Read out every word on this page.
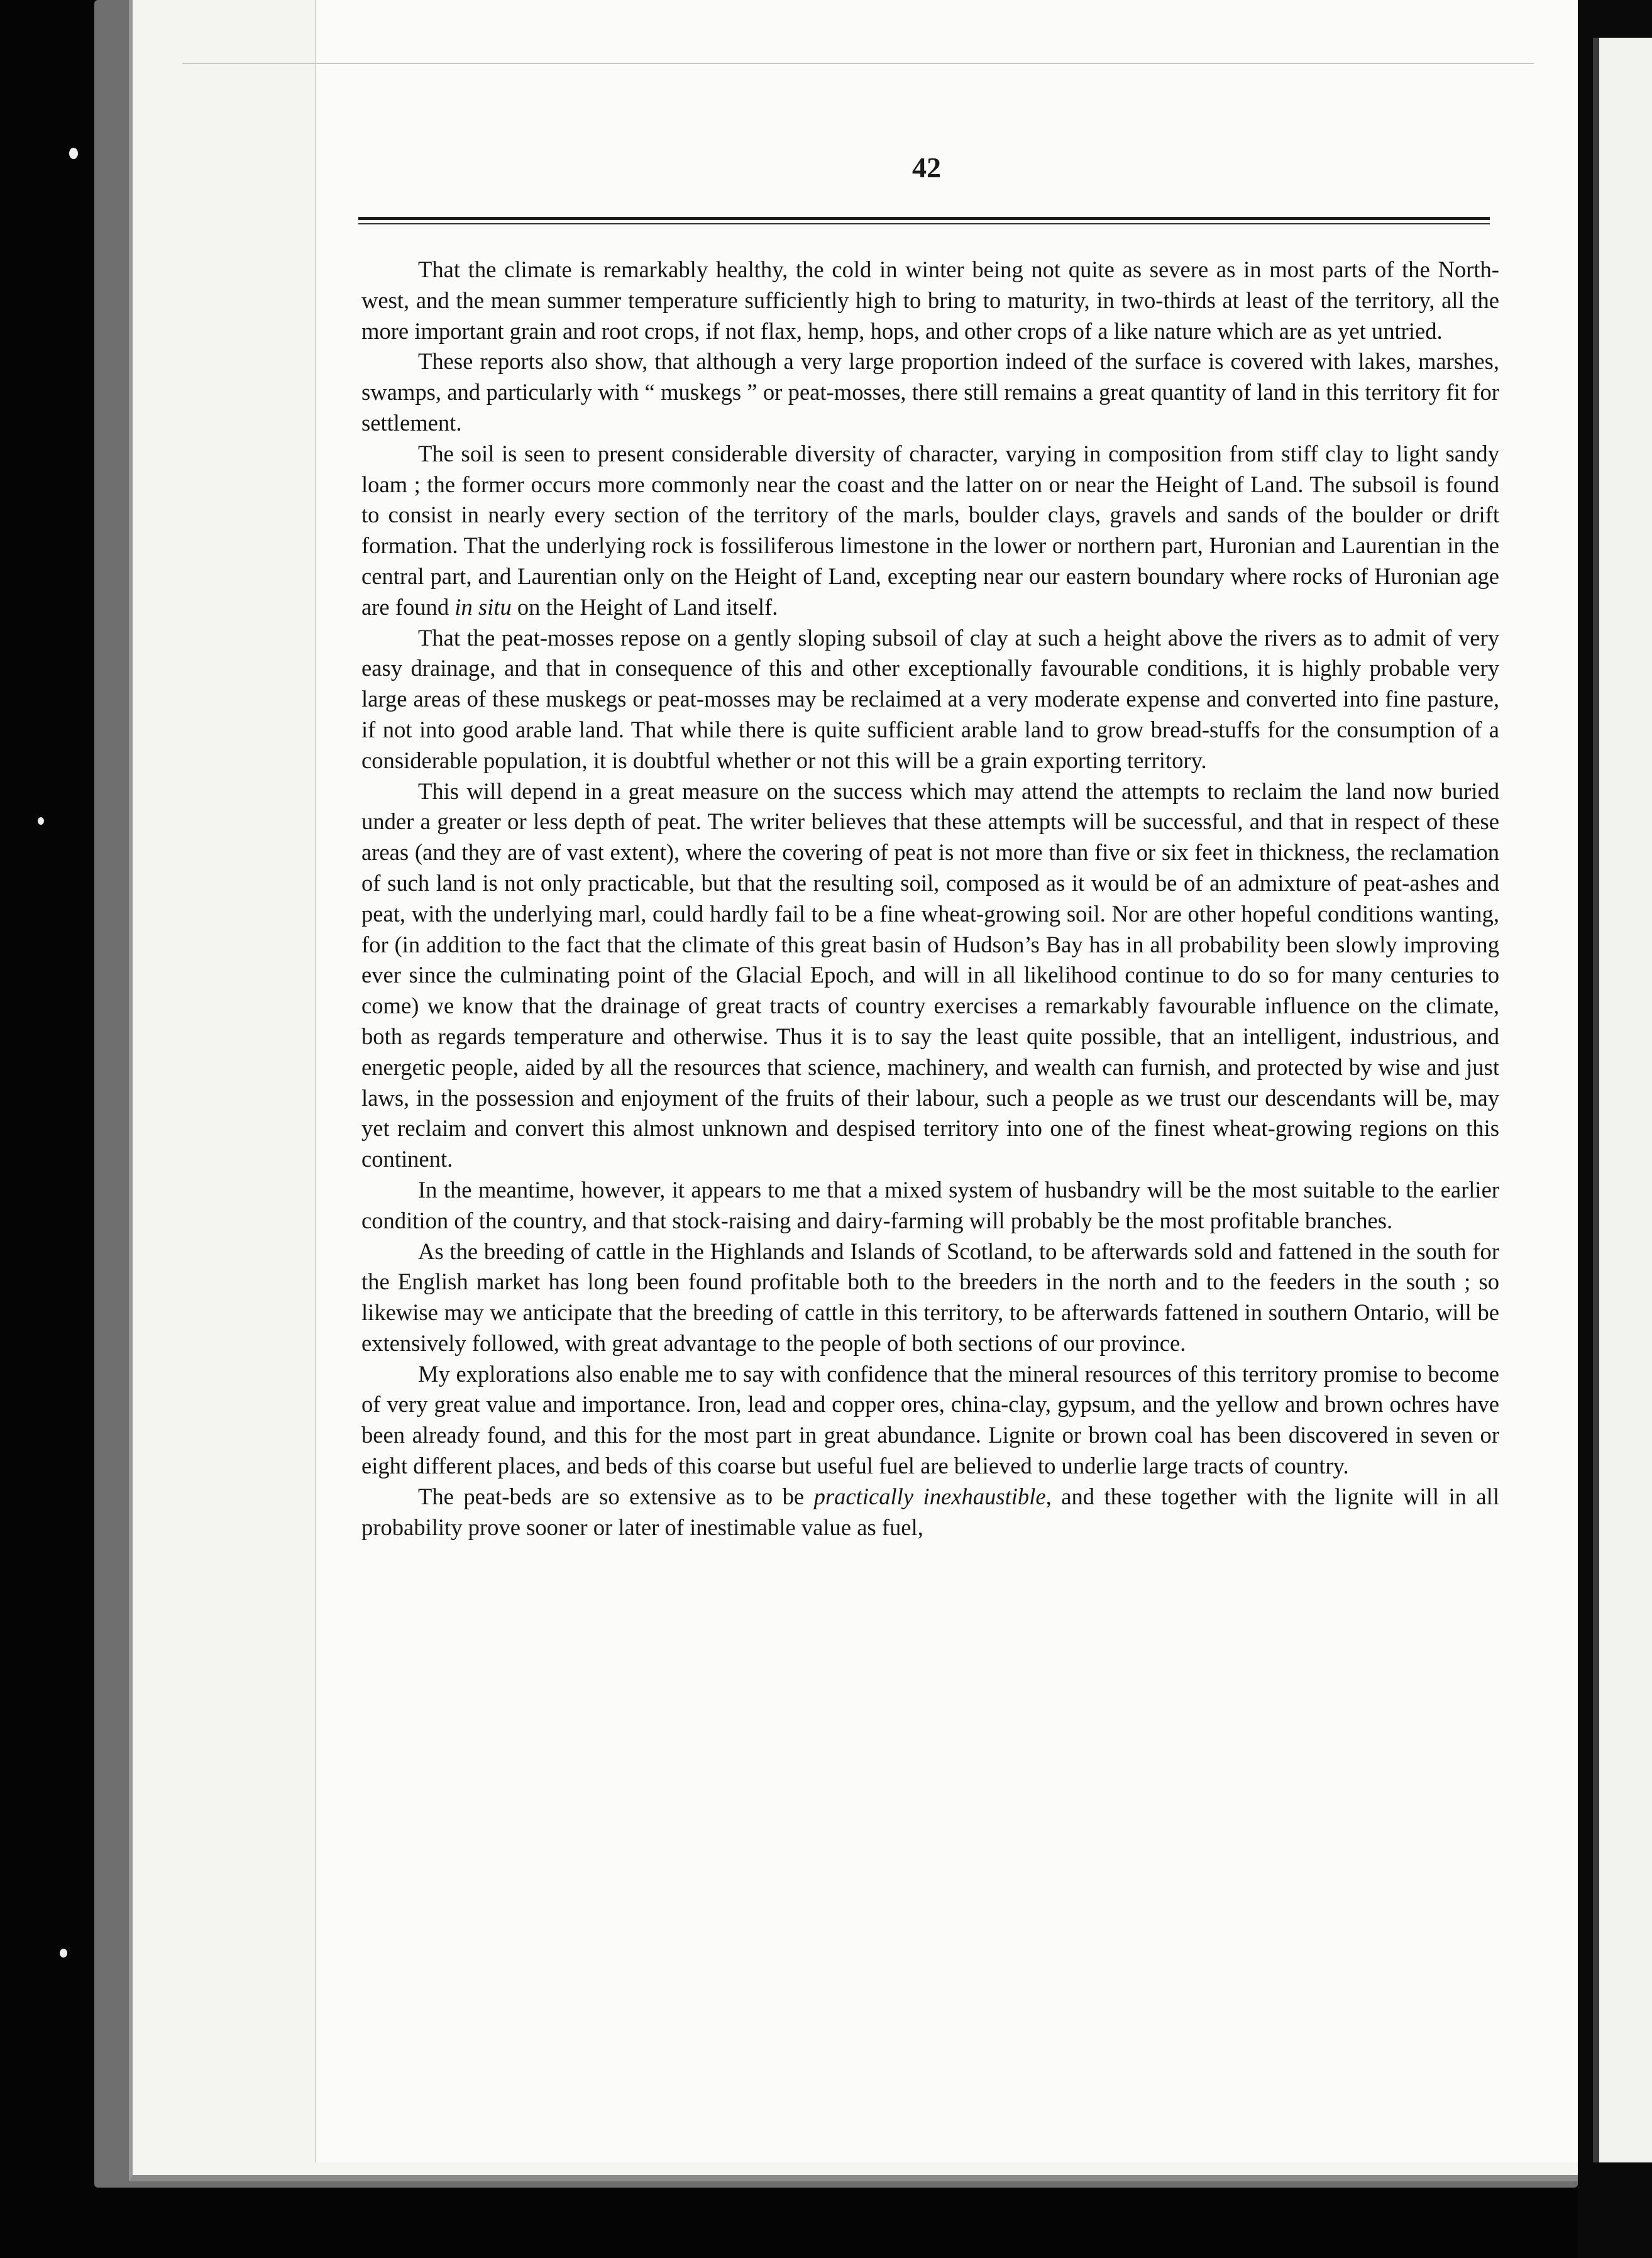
42

That the climate is remarkably healthy, the cold in winter being not quite as severe as in most parts of the North-west, and the mean summer temperature sufficiently high to bring to maturity, in two-thirds at least of the territory, all the more important grain and root crops, if not flax, hemp, hops, and other crops of a like nature which are as yet untried.

These reports also show, that although a very large proportion indeed of the surface is covered with lakes, marshes, swamps, and particularly with “ muskegs ” or peat-mosses, there still remains a great quantity of land in this territory fit for settlement.

The soil is seen to present considerable diversity of character, varying in composition from stiff clay to light sandy loam ; the former occurs more commonly near the coast and the latter on or near the Height of Land. The subsoil is found to consist in nearly every section of the territory of the marls, boulder clays, gravels and sands of the boulder or drift formation. That the underlying rock is fossiliferous limestone in the lower or northern part, Huronian and Laurentian in the central part, and Laurentian only on the Height of Land, excepting near our eastern boundary where rocks of Huronian age are found in situ on the Height of Land itself.

That the peat-mosses repose on a gently sloping subsoil of clay at such a height above the rivers as to admit of very easy drainage, and that in consequence of this and other exceptionally favourable conditions, it is highly probable very large areas of these muskegs or peat-mosses may be reclaimed at a very moderate expense and converted into fine pasture, if not into good arable land. That while there is quite sufficient arable land to grow bread-stuffs for the consumption of a considerable population, it is doubtful whether or not this will be a grain exporting territory.

This will depend in a great measure on the success which may attend the attempts to reclaim the land now buried under a greater or less depth of peat. The writer believes that these attempts will be successful, and that in respect of these areas (and they are of vast extent), where the covering of peat is not more than five or six feet in thickness, the reclamation of such land is not only practicable, but that the resulting soil, composed as it would be of an admixture of peat-ashes and peat, with the underlying marl, could hardly fail to be a fine wheat-growing soil. Nor are other hopeful conditions wanting, for (in addition to the fact that the climate of this great basin of Hudson’s Bay has in all probability been slowly improving ever since the culminating point of the Glacial Epoch, and will in all likelihood continue to do so for many centuries to come) we know that the drainage of great tracts of country exercises a remarkably favourable influence on the climate, both as regards temperature and otherwise. Thus it is to say the least quite possible, that an intelligent, industrious, and energetic people, aided by all the resources that science, machinery, and wealth can furnish, and protected by wise and just laws, in the possession and enjoyment of the fruits of their labour, such a people as we trust our descendants will be, may yet reclaim and convert this almost unknown and despised territory into one of the finest wheat-growing regions on this continent.

In the meantime, however, it appears to me that a mixed system of husbandry will be the most suitable to the earlier condition of the country, and that stock-raising and dairy-farming will probably be the most profitable branches.

As the breeding of cattle in the Highlands and Islands of Scotland, to be afterwards sold and fattened in the south for the English market has long been found profitable both to the breeders in the north and to the feeders in the south ; so likewise may we anticipate that the breeding of cattle in this territory, to be afterwards fattened in southern Ontario, will be extensively followed, with great advantage to the people of both sections of our province.

My explorations also enable me to say with confidence that the mineral resources of this territory promise to become of very great value and importance. Iron, lead and copper ores, china-clay, gypsum, and the yellow and brown ochres have been already found, and this for the most part in great abundance. Lignite or brown coal has been discovered in seven or eight different places, and beds of this coarse but useful fuel are believed to underlie large tracts of country.

The peat-beds are so extensive as to be practically inexhaustible, and these together with the lignite will in all probability prove sooner or later of inestimable value as fuel,
